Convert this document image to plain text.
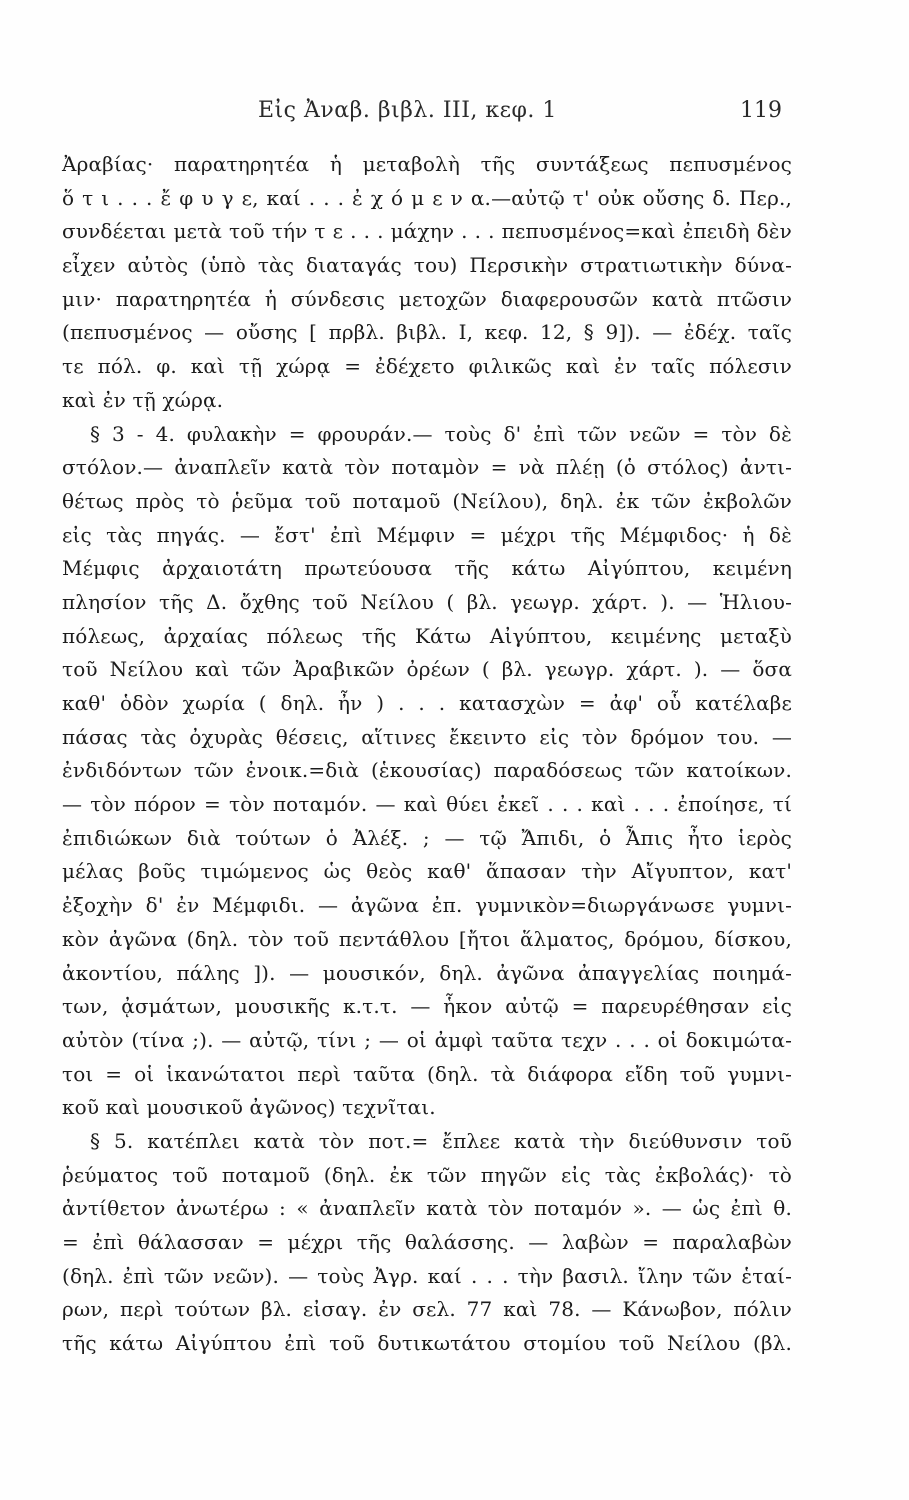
Εἰς Ἀναβ. βιβλ. ΙΙΙ, κεφ. 1	119
Ἀραβίας· παρατηρητέα ἡ μεταβολὴ τῆς συντάξεως πεπυσμένος
ὅ τ ι . . . ἔ φ υ γ ε, καί . . . ἐ χ ό μ ε ν α.—αὐτῷ τ' οὐκ οὔσης δ. Περ.,
συνδέεται μετὰ τοῦ τήν τ ε . . . μάχην . . . πεπυσμένος=καὶ ἐπειδὴ δὲν
εἶχεν αὐτὸς (ὑπὸ τὰς διαταγάς του) Περσικὴν στρατιωτικὴν δύνα-
μιν· παρατηρητέα ἡ σύνδεσις μετοχῶν διαφερουσῶν κατὰ πτῶσιν
(πεπυσμένος — οὔσης [ πρβλ. βιβλ. Ι, κεφ. 12, § 9]). — ἐδέχ. ταῖς
τε πόλ. φ. καὶ τῇ χώρᾳ = ἐδέχετο φιλικῶς καὶ ἐν ταῖς πόλεσιν
καὶ ἐν τῇ χώρᾳ.
§ 3 - 4. φυλακὴν = φρουράν.— τοὺς δ' ἐπὶ τῶν νεῶν = τὸν δὲ
στόλον.— ἀναπλεῖν κατὰ τὸν ποταμὸν = νὰ πλέῃ (ὁ στόλος) ἀντι-
θέτως πρὸς τὸ ῥεῦμα τοῦ ποταμοῦ (Νείλου), δηλ. ἐκ τῶν ἐκβολῶν
εἰς τὰς πηγάς. — ἔστ' ἐπὶ Μέμφιν = μέχρι τῆς Μέμφιδος· ἡ δὲ
Μέμφις ἀρχαιοτάτη πρωτεύουσα τῆς κάτω Αἰγύπτου, κειμένη
πλησίον τῆς Δ. ὄχθης τοῦ Νείλου ( βλ. γεωγρ. χάρτ. ). — Ἡλιου-
πόλεως, ἀρχαίας πόλεως τῆς Κάτω Αἰγύπτου, κειμένης μεταξὺ
τοῦ Νείλου καὶ τῶν Ἀραβικῶν ὀρέων ( βλ. γεωγρ. χάρτ. ). — ὅσα
καθ' ὁδὸν χωρία ( δηλ. ἦν ) . . . κατασχὼν = ἀφ' οὗ κατέλαβε
πάσας τὰς ὀχυρὰς θέσεις, αἵτινες ἔκειντο εἰς τὸν δρόμον του. —
ἐνδιδόντων τῶν ἐνοικ.=διὰ (ἑκουσίας) παραδόσεως τῶν κατοίκων.
— τὸν πόρον = τὸν ποταμόν. — καὶ θύει ἐκεῖ . . . καὶ . . . ἐποίησε, τί
ἐπιδιώκων διὰ τούτων ὁ Ἀλέξ. ; — τῷ Ἄπιδι, ὁ Ἆπις ἦτο ἱερὸς
μέλας βοῦς τιμώμενος ὡς θεὸς καθ' ἅπασαν τὴν Αἴγυπτον, κατ'
ἐξοχὴν δ' ἐν Μέμφιδι. — ἀγῶνα ἐπ. γυμνικὸν=διωργάνωσε γυμνι-
κὸν ἀγῶνα (δηλ. τὸν τοῦ πεντάθλου [ἤτοι ἅλματος, δρόμου, δίσκου,
ἀκοντίου, πάλης ]). — μουσικόν, δηλ. ἀγῶνα ἀπαγγελίας ποιημά-
των, ᾀσμάτων, μουσικῆς κ.τ.τ. — ἧκον αὐτῷ = παρευρέθησαν εἰς
αὐτὸν (τίνα ;). — αὐτῷ, τίνι ; — οἱ ἀμφὶ ταῦτα τεχν . . . οἱ δοκιμώτα-
τοι = οἱ ἱκανώτατοι περὶ ταῦτα (δηλ. τὰ διάφορα εἴδη τοῦ γυμνι-
κοῦ καὶ μουσικοῦ ἀγῶνος) τεχνῖται.
§ 5. κατέπλει κατὰ τὸν ποτ.= ἔπλεε κατὰ τὴν διεύθυνσιν τοῦ
ῥεύματος τοῦ ποταμοῦ (δηλ. ἐκ τῶν πηγῶν εἰς τὰς ἐκβολάς)· τὸ
ἀντίθετον ἀνωτέρω : « ἀναπλεῖν κατὰ τὸν ποταμόν ». — ὡς ἐπὶ θ.
= ἐπὶ θάλασσαν = μέχρι τῆς θαλάσσης. — λαβὼν = παραλαβὼν
(δηλ. ἐπὶ τῶν νεῶν). — τοὺς Ἀγρ. καί . . . τὴν βασιλ. ἴλην τῶν ἑταί-
ρων, περὶ τούτων βλ. εἰσαγ. ἐν σελ. 77 καὶ 78. — Κάνωβον, πόλιν
τῆς κάτω Αἰγύπτου ἐπὶ τοῦ δυτικωτάτου στομίου τοῦ Νείλου (βλ.
